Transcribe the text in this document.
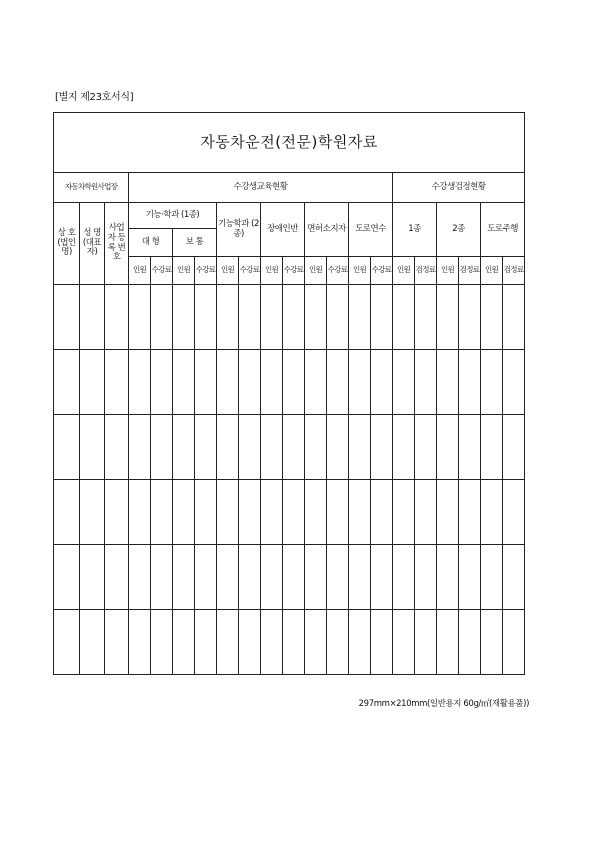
[별지 제23호서식]
자동차운전(전문)학원자료																				
자동차학원사업장			수강생교육현황												수강생검정현황					
상 호 (법인명)	성 명 (대표자)	사업자 등 록 번 호	기능·학과 (1종)				기능학과 (2종)		장애인반		면허소지자		도로연수		1종		2종		도로주행	
			대 형		보 통															
			인원	수강료	인원	수강료	인원	수강료	인원	수강료	인원	수강료	인원	수강료	인원	검정료	인원	검정료	인원	검정료

297mm×210mm(일반용지 60g/㎡(재활용품))
